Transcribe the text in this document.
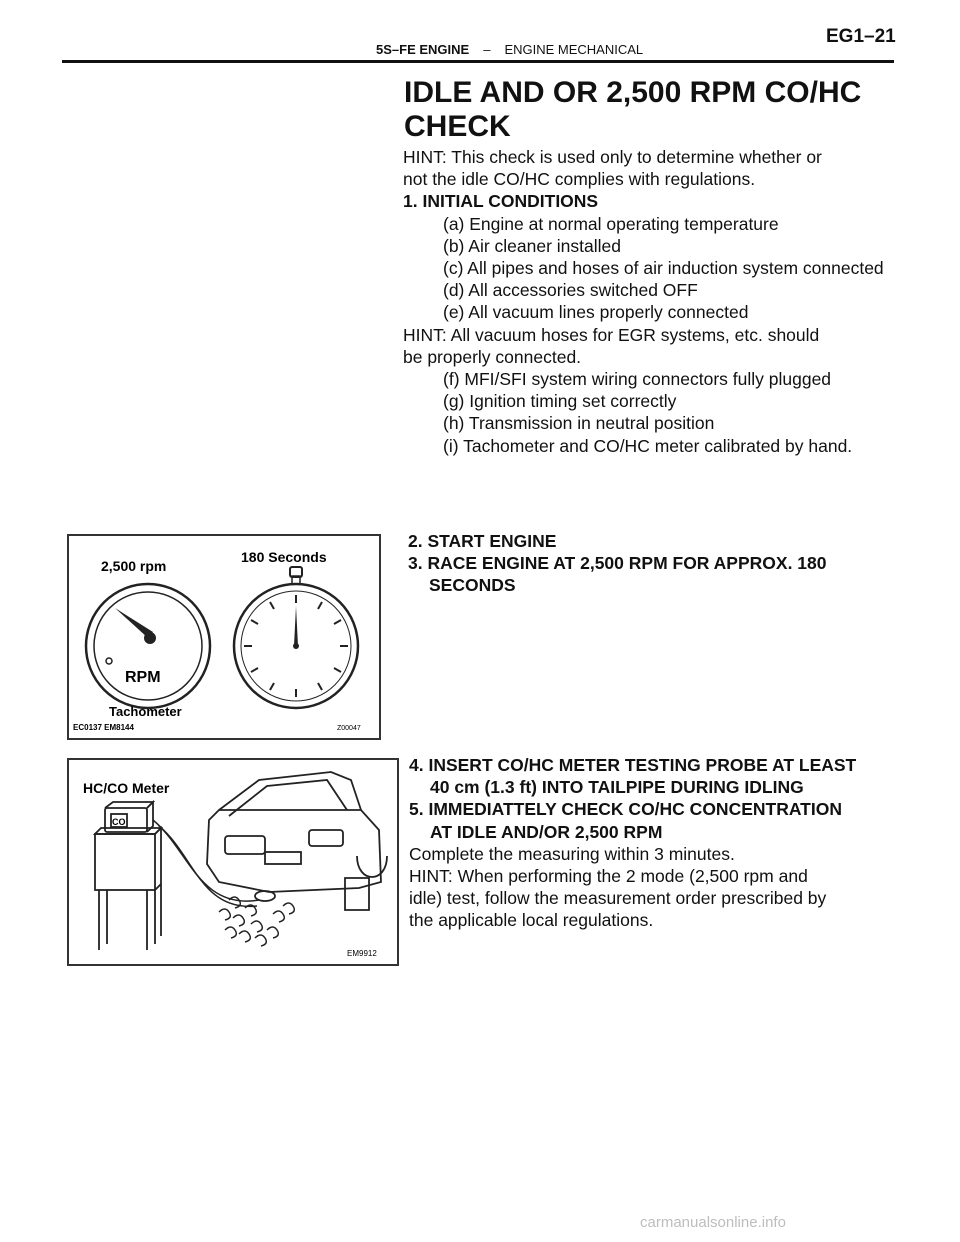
5S–FE ENGINE – ENGINE MECHANICAL
EG1–21
IDLE AND OR 2,500 RPM CO/HC CHECK
HINT: This check is used only to determine whether or
not the idle CO/HC complies with regulations.
1. INITIAL CONDITIONS
(a) Engine at normal operating temperature
(b) Air cleaner installed
(c) All pipes and hoses of air induction system connected
(d) All accessories switched OFF
(e) All vacuum lines properly connected
HINT: All vacuum hoses for EGR systems, etc. should
be properly connected.
(f) MFI/SFI system wiring connectors fully plugged
(g) Ignition timing set correctly
(h) Transmission in neutral position
(i) Tachometer and CO/HC meter calibrated by hand.
2. START ENGINE
3. RACE ENGINE AT 2,500 RPM FOR APPROX. 180
SECONDS
4. INSERT CO/HC METER TESTING PROBE AT LEAST
40 cm (1.3 ft) INTO TAILPIPE DURING IDLING
5. IMMEDIATTELY CHECK CO/HC CONCENTRATION
AT IDLE AND/OR 2,500 RPM
Complete the measuring within 3 minutes.
HINT: When performing the 2 mode (2,500 rpm and
idle) test, follow the measurement order prescribed by
the applicable local regulations.
2,500 rpm
180 Seconds
RPM
Tachometer
EC0137 EM8144	Z00047
HC/CO Meter
CO
EM9912
carmanualsonline.info
